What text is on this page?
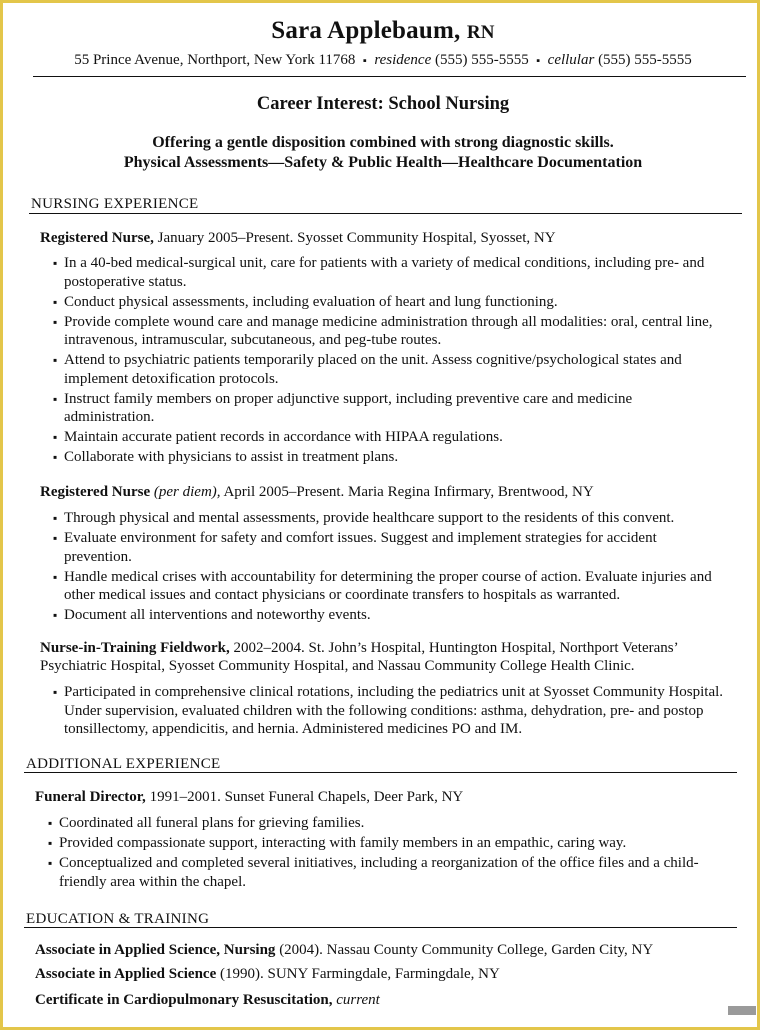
Sara Applebaum, RN
55 Prince Avenue, Northport, New York 11768 ▪ residence (555) 555-5555 ▪ cellular (555) 555-5555
Career Interest: School Nursing
Offering a gentle disposition combined with strong diagnostic skills.
Physical Assessments—Safety & Public Health—Healthcare Documentation
NURSING EXPERIENCE
Registered Nurse, January 2005–Present. Syosset Community Hospital, Syosset, NY
▪ In a 40-bed medical-surgical unit, care for patients with a variety of medical conditions, including pre- and postoperative status.
▪ Conduct physical assessments, including evaluation of heart and lung functioning.
▪ Provide complete wound care and manage medicine administration through all modalities: oral, central line, intravenous, intramuscular, subcutaneous, and peg-tube routes.
▪ Attend to psychiatric patients temporarily placed on the unit. Assess cognitive/psychological states and implement detoxification protocols.
▪ Instruct family members on proper adjunctive support, including preventive care and medicine administration.
▪ Maintain accurate patient records in accordance with HIPAA regulations.
▪ Collaborate with physicians to assist in treatment plans.
Registered Nurse (per diem), April 2005–Present. Maria Regina Infirmary, Brentwood, NY
▪ Through physical and mental assessments, provide healthcare support to the residents of this convent.
▪ Evaluate environment for safety and comfort issues. Suggest and implement strategies for accident prevention.
▪ Handle medical crises with accountability for determining the proper course of action. Evaluate injuries and other medical issues and contact physicians or coordinate transfers to hospitals as warranted.
▪ Document all interventions and noteworthy events.
Nurse-in-Training Fieldwork, 2002–2004. St. John’s Hospital, Huntington Hospital, Northport Veterans’ Psychiatric Hospital, Syosset Community Hospital, and Nassau Community College Health Clinic.
▪ Participated in comprehensive clinical rotations, including the pediatrics unit at Syosset Community Hospital. Under supervision, evaluated children with the following conditions: asthma, dehydration, pre- and postop tonsillectomy, appendicitis, and hernia. Administered medicines PO and IM.
ADDITIONAL EXPERIENCE
Funeral Director, 1991–2001. Sunset Funeral Chapels, Deer Park, NY
▪ Coordinated all funeral plans for grieving families.
▪ Provided compassionate support, interacting with family members in an empathic, caring way.
▪ Conceptualized and completed several initiatives, including a reorganization of the office files and a child-friendly area within the chapel.
EDUCATION & TRAINING
Associate in Applied Science, Nursing (2004). Nassau County Community College, Garden City, NY
Associate in Applied Science (1990). SUNY Farmingdale, Farmingdale, NY
Certificate in Cardiopulmonary Resuscitation, current
